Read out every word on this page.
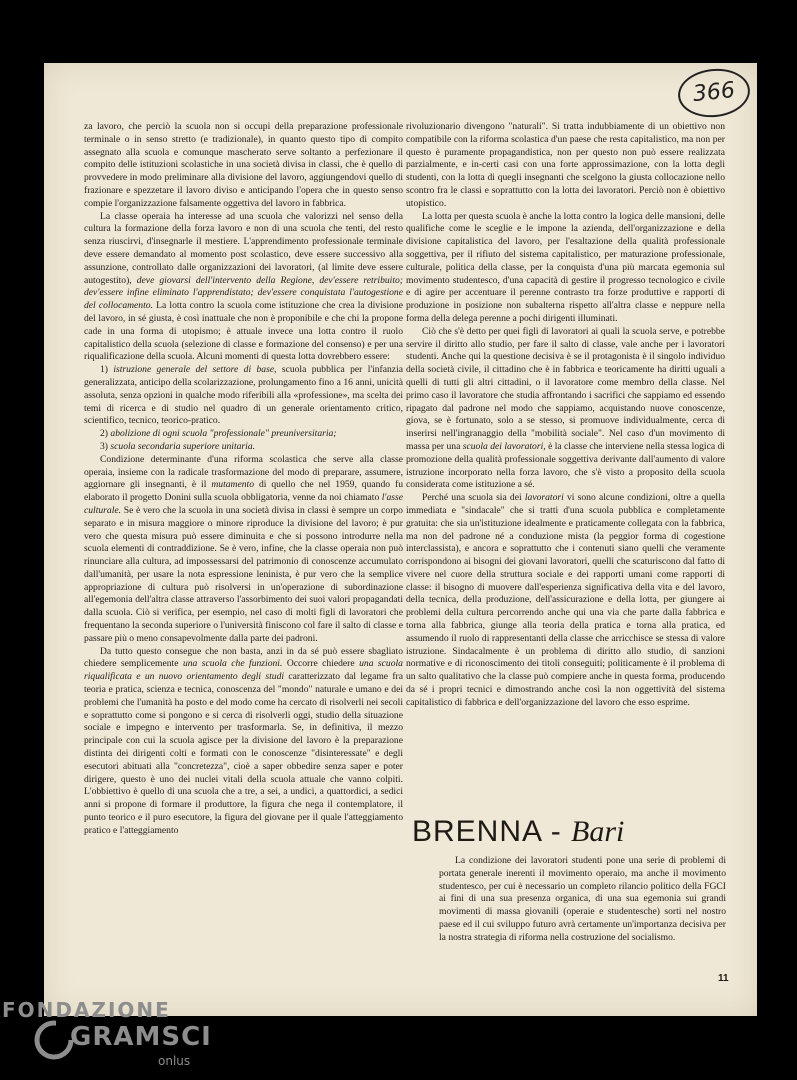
366

za lavoro, che perciò la scuola non si occupi della preparazione professionale terminale o in senso stretto (e tradizionale), in quanto questo tipo di compito assegnato alla scuola e comunque mascherato serve soltanto a perfezionare il compito delle istituzioni scolastiche in una società divisa in classi, che è quello di provvedere in modo preliminare alla divisione del lavoro, aggiungendovi quello di frazionare e spezzetare il lavoro diviso e anticipando l'opera che in questo senso compie l'organizzazione falsamente oggettiva del lavoro in fabbrica.

La classe operaia ha interesse ad una scuola che valorizzi nel senso della cultura la formazione della forza lavoro e non di una scuola che tenti, del resto senza riuscirvi, d'insegnarle il mestiere. L'apprendimento professionale terminale deve essere demandato al momento post scolastico, deve essere successivo alla assunzione, controllato dalle organizzazioni dei lavoratori, (al limite deve essere autogestito), deve giovarsi dell'intervento della Regione, dev'essere retribuito; dev'essere infine eliminato l'apprendistato; dev'essere conquistata l'autogestione del collocamento. La lotta contro la scuola come istituzione che crea la divisione del lavoro, in sé giusta, è così inattuale che non è proponibile e che chi la propone cade in una forma di utopismo; è attuale invece una lotta contro il ruolo capitalistico della scuola (selezione di classe e formazione del consenso) e per una riqualificazione della scuola. Alcuni momenti di questa lotta dovrebbero essere:

1) istruzione generale del settore di base, scuola pubblica per l'infanzia generalizzata, anticipo della scolarizzazione, prolungamento fino a 16 anni, unicità assoluta, senza opzioni in qualche modo riferibili alla «professione», ma scelta dei temi di ricerca e di studio nel quadro di un generale orientamento critico, scientifico, tecnico, teorico-pratico.

2) abolizione di ogni scuola "professionale" preuniversitaria;

3) scuola secondaria superiore unitaria.

Condizione determinante d'una riforma scolastica che serve alla classe operaia, insieme con la radicale trasformazione del modo di preparare, assumere, aggiornare gli insegnanti, è il mutamento di quello che nel 1959, quando fu elaborato il progetto Donini sulla scuola obbligatoria, venne da noi chiamato l'asse culturale. Se è vero che la scuola in una società divisa in classi è sempre un corpo separato e in misura maggiore o minore riproduce la divisione del lavoro; è pur vero che questa misura può essere diminuita e che si possono introdurre nella scuola elementi di contraddizione. Se è vero, infine, che la classe operaia non può rinunciare alla cultura, ad impossessarsi del patrimonio di conoscenze accumulato dall'umanità, per usare la nota espressione leninista, è pur vero che la semplice appropriazione di cultura può risolversi in un'operazione di subordinazione all'egemonia dell'altra classe attraverso l'assorbimento dei suoi valori propagandati dalla scuola. Ciò si verifica, per esempio, nel caso di molti figli di lavoratori che frequentano la seconda superiore o l'università finiscono col fare il salto di classe e passare più o meno consapevolmente dalla parte dei padroni.

Da tutto questo consegue che non basta, anzi in da sé può essere sbagliato chiedere semplicemente una scuola che funzioni. Occorre chiedere una scuola riqualificata e un nuovo orientamento degli studi caratterizzato dal legame fra teoria e pratica, scienza e tecnica, conoscenza del "mondo" naturale e umano e dei problemi che l'umanità ha posto e del modo come ha cercato di risolverli nei secoli e soprattutto come si pongono e si cerca di risolverli oggi, studio della situazione sociale e impegno e intervento per trasformarla. Se, in definitiva, il mezzo principale con cui la scuola agisce per la divisione del lavoro è la preparazione distinta dei dirigenti colti e formati con le conoscenze "disinteressate" e degli esecutori abituati alla "concretezza", cioè a saper obbedire senza saper e poter dirigere, questo è uno dei nuclei vitali della scuola attuale che vanno colpiti. L'obbiettivo è quello di una scuola che a tre, a sei, a undici, a quattordici, a sedici anni si propone di formare il produttore, la figura che nega il contemplatore, il punto teorico e il puro esecutore, la figura del giovane per il quale l'atteggiamento pratico e l'atteggiamento

rivoluzionario divengono "naturali". Si tratta indubbiamente di un obiettivo non compatibile con la riforma scolastica d'un paese che resta capitalistico, ma non per questo è puramente propagandistica, non per questo non può essere realizzata parzialmente, e in-certi casi con una forte approssimazione, con la lotta degli studenti, con la lotta di quegli insegnanti che scelgono la giusta collocazione nello scontro fra le classi e soprattutto con la lotta dei lavoratori. Perciò non è obiettivo utopistico.

La lotta per questa scuola è anche la lotta contro la logica delle mansioni, delle qualifiche come le sceglie e le impone la azienda, dell'organizzazione e della divisione capitalistica del lavoro, per l'esaltazione della qualità professionale soggettiva, per il rifiuto del sistema capitalistico, per maturazione professionale, culturale, politica della classe, per la conquista d'una più marcata egemonia sul movimento studentesco, d'una capacità di gestire il progresso tecnologico e civile e di agire per accentuare il perenne contrasto tra forze produttive e rapporti di produzione in posizione non subalterna rispetto all'altra classe e neppure nella forma della delega perenne a pochi dirigenti illuminati.

Ciò che s'è detto per quei figli di lavoratori ai quali la scuola serve, e potrebbe servire il diritto allo studio, per fare il salto di classe, vale anche per i lavoratori studenti. Anche qui la questione decisiva è se il protagonista è il singolo individuo della società civile, il cittadino che è in fabbrica e teoricamente ha diritti uguali a quelli di tutti gli altri cittadini, o il lavoratore come membro della classe. Nel primo caso il lavoratore che studia affrontando i sacrifici che sappiamo ed essendo ripagato dal padrone nel modo che sappiamo, acquistando nuove conoscenze, giova, se è fortunato, solo a se stesso, si promuove individualmente, cerca di inserirsi nell'ingranaggio della "mobilità sociale". Nel caso d'un movimento di massa per una scuola dei lavoratori, è la classe che interviene nella stessa logica di promozione della qualità professionale soggettiva derivante dall'aumento di valore istruzione incorporato nella forza lavoro, che s'è visto a proposito della scuola considerata come istituzione a sé.

Perché una scuola sia dei lavoratori vi sono alcune condizioni, oltre a quella immediata e "sindacale" che si tratti d'una scuola pubblica e completamente gratuita: che sia un'istituzione idealmente e praticamente collegata con la fabbrica, ma non del padrone né a conduzione mista (la peggior forma di cogestione interclassista), e ancora e soprattutto che i contenuti siano quelli che veramente corrispondono ai bisogni dei giovani lavoratori, quelli che scaturiscono dal fatto di vivere nel cuore della struttura sociale e dei rapporti umani come rapporti di classe: il bisogno di muovere dall'esperienza significativa della vita e del lavoro, della tecnica, della produzione, dell'assicurazione e della lotta, per giungere ai problemi della cultura percorrendo anche qui una via che parte dalla fabbrica e torna alla fabbrica, giunge alla teoria della pratica e torna alla pratica, ed assumendo il ruolo di rappresentanti della classe che arricchisce se stessa di valore istruzione. Sindacalmente è un problema di diritto allo studio, di sanzioni normative e di riconoscimento dei titoli conseguiti; politicamente è il problema di un salto qualitativo che la classe può compiere anche in questa forma, producendo da sé i propri tecnici e dimostrando anche così la non oggettività del sistema capitalistico di fabbrica e dell'organizzazione del lavoro che esso esprime.

BRENNA - Bari

La condizione dei lavoratori studenti pone una serie di problemi di portata generale inerenti il movimento operaio, ma anche il movimento studentesco, per cui è necessario un completo rilancio politico della FGCI ai fini di una sua presenza organica, di una sua egemonia sui grandi movimenti di massa giovanili (operaie e studentesche) sorti nel nostro paese ed il cui sviluppo futuro avrà certamente un'importanza decisiva per la nostra strategia di riforma nella costruzione del socialismo.

11
FONDAZIONE
GRAMSCI
onlus
